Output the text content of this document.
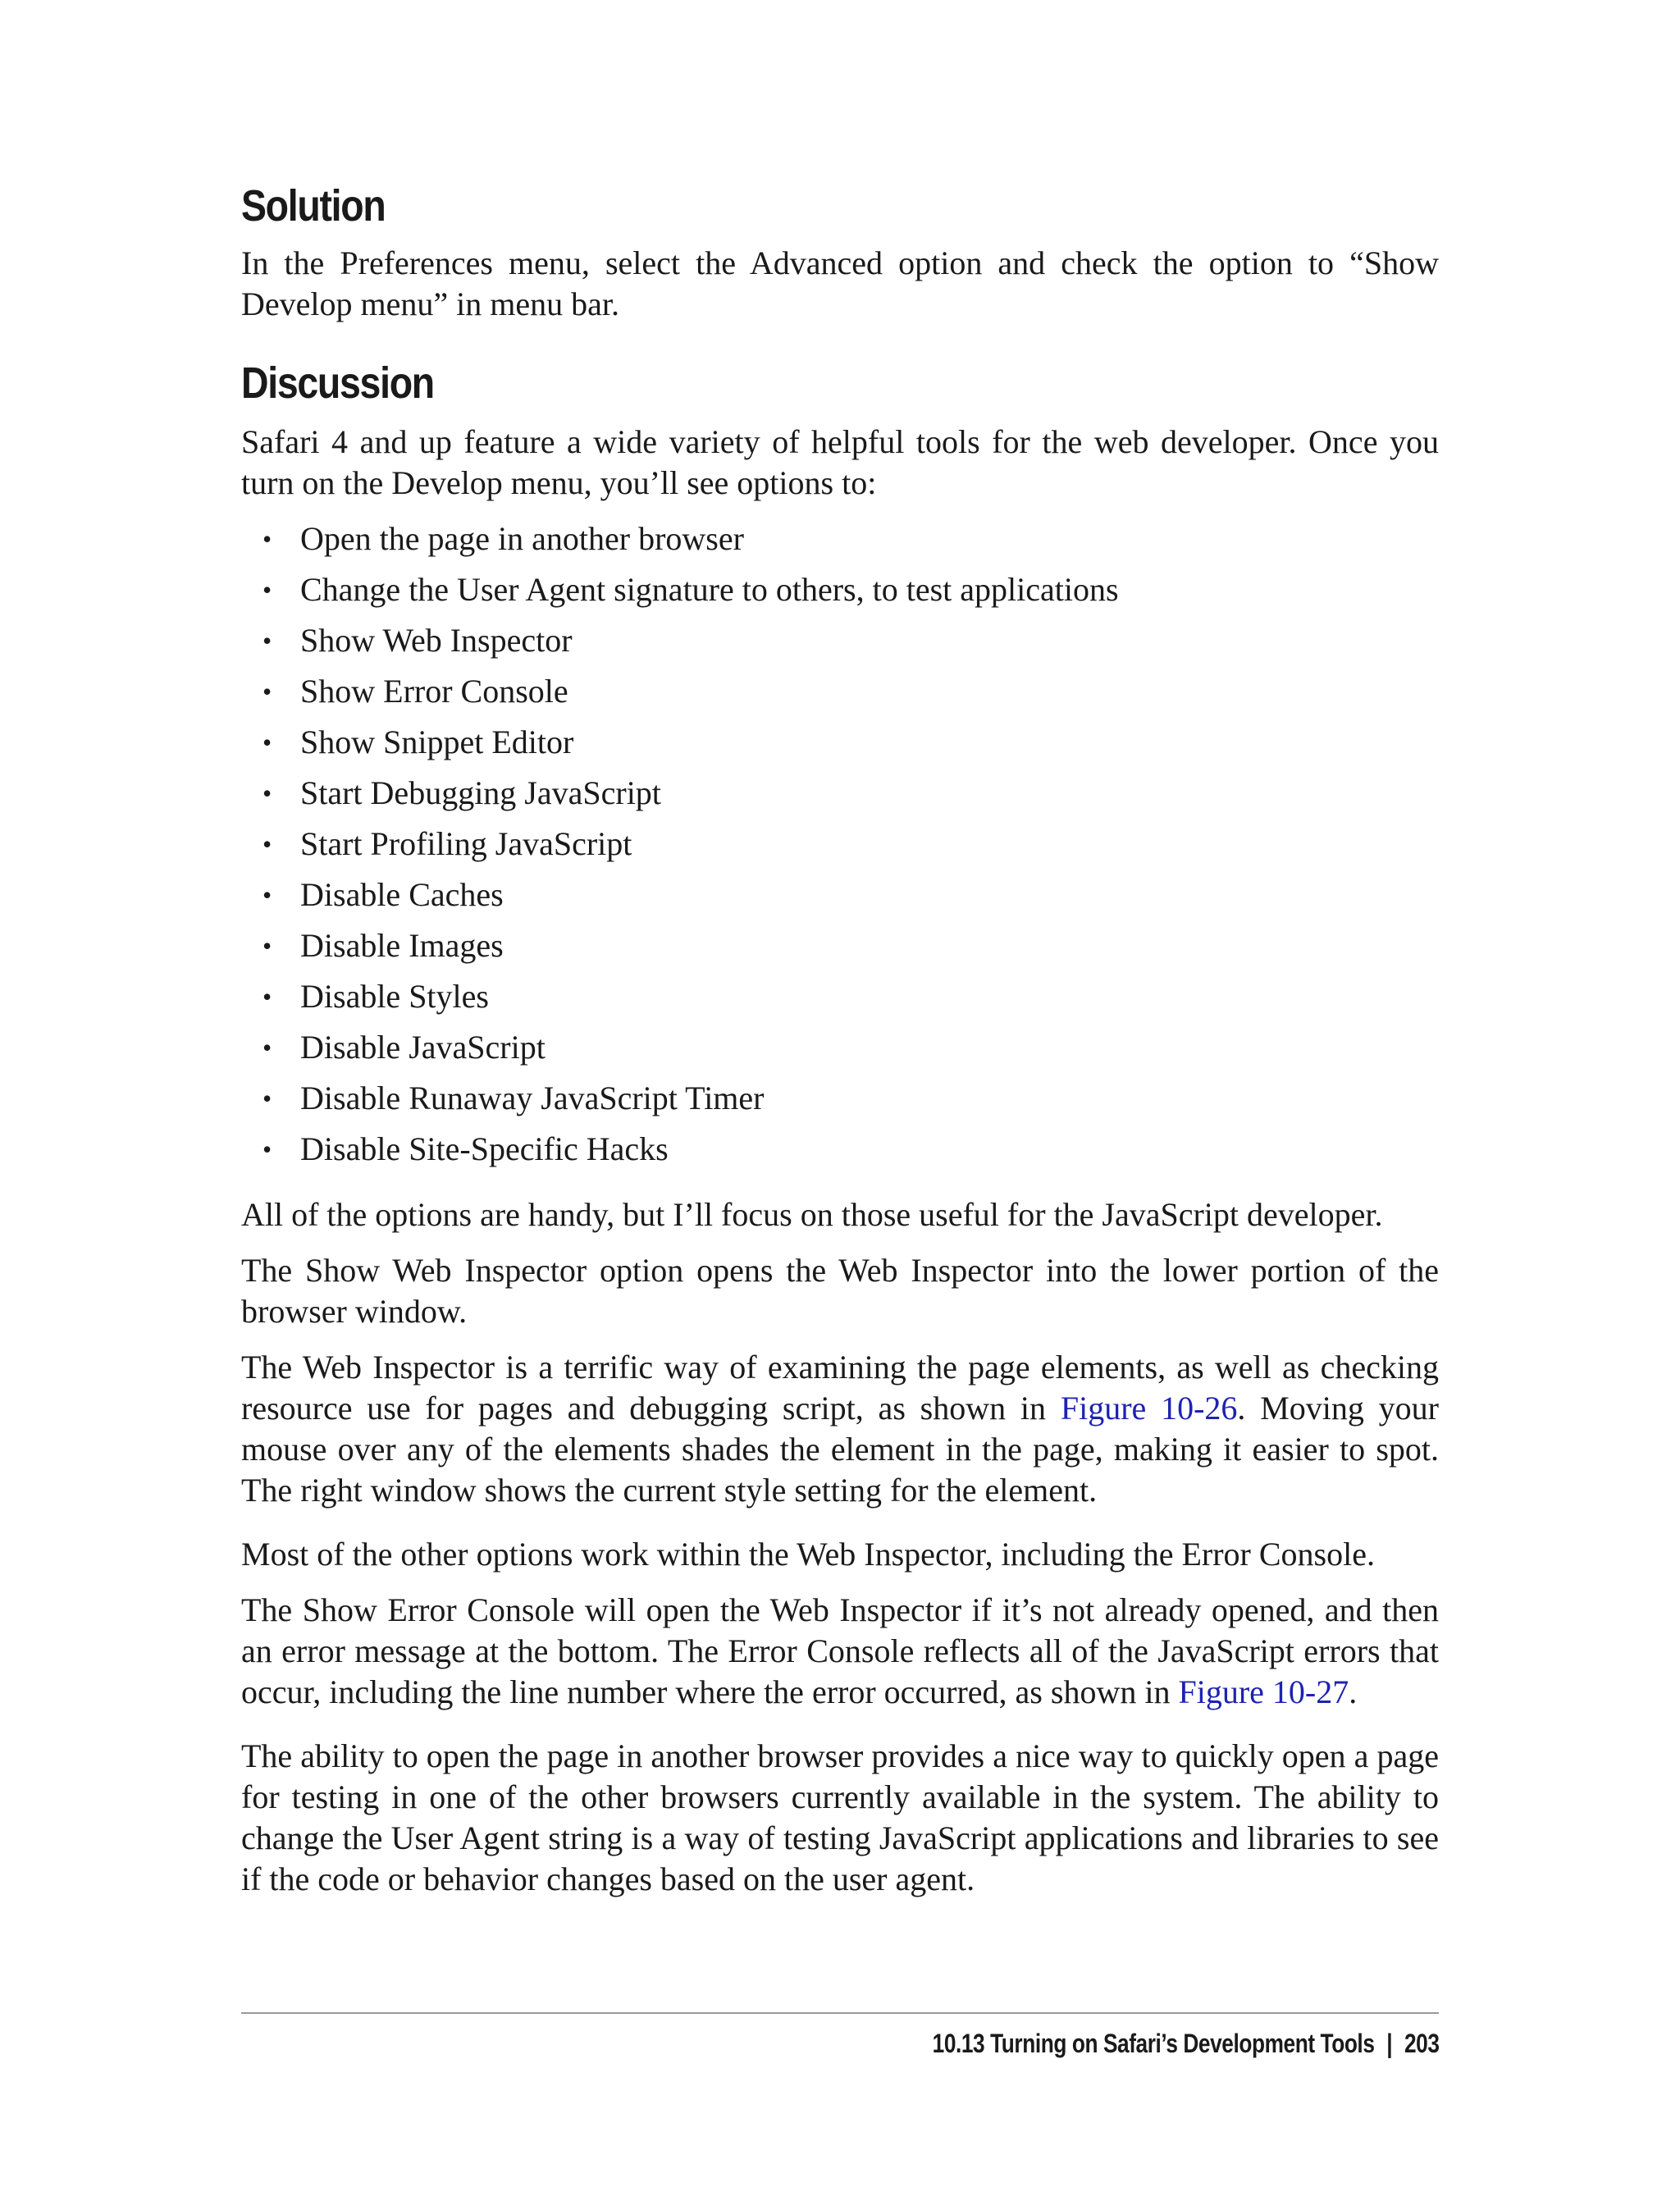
Solution

In the Preferences menu, select the Advanced option and check the option to “Show Develop menu” in menu bar.

Discussion

Safari 4 and up feature a wide variety of helpful tools for the web developer. Once you turn on the Develop menu, you’ll see options to:

• Open the page in another browser
• Change the User Agent signature to others, to test applications
• Show Web Inspector
• Show Error Console
• Show Snippet Editor
• Start Debugging JavaScript
• Start Profiling JavaScript
• Disable Caches
• Disable Images
• Disable Styles
• Disable JavaScript
• Disable Runaway JavaScript Timer
• Disable Site-Specific Hacks

All of the options are handy, but I’ll focus on those useful for the JavaScript developer.

The Show Web Inspector option opens the Web Inspector into the lower portion of the browser window.

The Web Inspector is a terrific way of examining the page elements, as well as checking resource use for pages and debugging script, as shown in Figure 10-26. Moving your mouse over any of the elements shades the element in the page, making it easier to spot. The right window shows the current style setting for the element.

Most of the other options work within the Web Inspector, including the Error Console.

The Show Error Console will open the Web Inspector if it’s not already opened, and then an error message at the bottom. The Error Console reflects all of the JavaScript errors that occur, including the line number where the error occurred, as shown in Figure 10-27.

The ability to open the page in another browser provides a nice way to quickly open a page for testing in one of the other browsers currently available in the system. The ability to change the User Agent string is a way of testing JavaScript applications and libraries to see if the code or behavior changes based on the user agent.

10.13 Turning on Safari’s Development Tools | 203
